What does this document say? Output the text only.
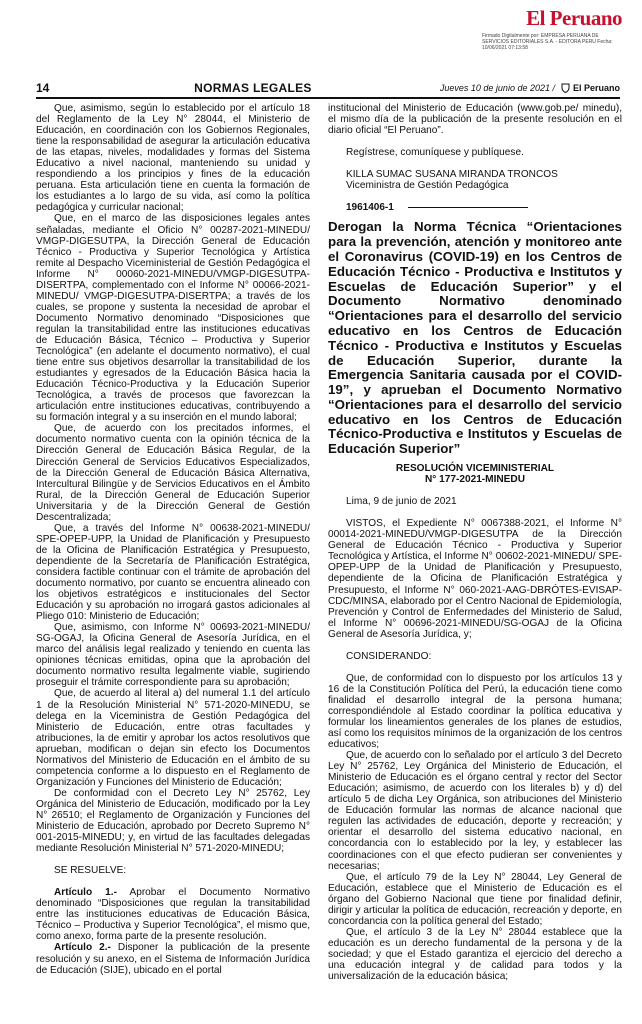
El Peruano
Firmado Digitalmente por: EMPRESA PERUANA DE SERVICIOS EDITORIALES S.A. - EDITORA PERU Fecha: 10/06/2021 07:13:58
14	NORMAS LEGALES	Jueves 10 de junio de 2021 / El Peruano

Que, asimismo, según lo establecido por el artículo 18 del Reglamento de la Ley N° 28044, el Ministerio de Educación, en coordinación con los Gobiernos Regionales, tiene la responsabilidad de asegurar la articulación educativa de las etapas, niveles, modalidades y formas del Sistema Educativo a nivel nacional, manteniendo su unidad y respondiendo a los principios y fines de la educación peruana. Esta articulación tiene en cuenta la formación de los estudiantes a lo largo de su vida, así como la política pedagógica y curricular nacional;

Que, en el marco de las disposiciones legales antes señaladas, mediante el Oficio N° 00287-2021-MINEDU/ VMGP-DIGESUTPA, la Dirección General de Educación Técnico - Productiva y Superior Tecnológica y Artística remite al Despacho Viceministerial de Gestión Pedagógica el Informe N° 00060-2021-MINEDU/VMGP-DIGESUTPA-DISERTPA, complementado con el Informe N° 00066-2021-MINEDU/ VMGP-DIGESUTPA-DISERTPA; a través de los cuales, se propone y sustenta la necesidad de aprobar el Documento Normativo denominado “Disposiciones que regulan la transitabilidad entre las instituciones educativas de Educación Básica, Técnico – Productiva y Superior Tecnológica” (en adelante el documento normativo), el cual tiene entre sus objetivos desarrollar la transitabilidad de los estudiantes y egresados de la Educación Básica hacia la Educación Técnico-Productiva y la Educación Superior Tecnológica, a través de procesos que favorezcan la articulación entre instituciones educativas, contribuyendo a su formación integral y a su inserción en el mundo laboral;

Que, de acuerdo con los precitados informes, el documento normativo cuenta con la opinión técnica de la Dirección General de Educación Básica Regular, de la Dirección General de Servicios Educativos Especializados, de la Dirección General de Educación Básica Alternativa, Intercultural Bilingüe y de Servicios Educativos en el Ámbito Rural, de la Dirección General de Educación Superior Universitaria y de la Dirección General de Gestión Descentralizada;

Que, a través del Informe N° 00638-2021-MINEDU/ SPE-OPEP-UPP, la Unidad de Planificación y Presupuesto de la Oficina de Planificación Estratégica y Presupuesto, dependiente de la Secretaría de Planificación Estratégica, considera factible continuar con el trámite de aprobación del documento normativo, por cuanto se encuentra alineado con los objetivos estratégicos e institucionales del Sector Educación y su aprobación no irrogará gastos adicionales al Pliego 010: Ministerio de Educación;

Que, asimismo, con Informe N° 00693-2021-MINEDU/ SG-OGAJ, la Oficina General de Asesoría Jurídica, en el marco del análisis legal realizado y teniendo en cuenta las opiniones técnicas emitidas, opina que la aprobación del documento normativo resulta legalmente viable, sugiriendo proseguir el trámite correspondiente para su aprobación;

Que, de acuerdo al literal a) del numeral 1.1 del artículo 1 de la Resolución Ministerial N° 571-2020-MINEDU, se delega en la Viceministra de Gestión Pedagógica del Ministerio de Educación, entre otras facultades y atribuciones, la de emitir y aprobar los actos resolutivos que aprueban, modifican o dejan sin efecto los Documentos Normativos del Ministerio de Educación en el ámbito de su competencia conforme a lo dispuesto en el Reglamento de Organización y Funciones del Ministerio de Educación;

De conformidad con el Decreto Ley N° 25762, Ley Orgánica del Ministerio de Educación, modificado por la Ley N° 26510; el Reglamento de Organización y Funciones del Ministerio de Educación, aprobado por Decreto Supremo N° 001-2015-MINEDU; y, en virtud de las facultades delegadas mediante Resolución Ministerial N° 571-2020-MINEDU;

SE RESUELVE:

Artículo 1.- Aprobar el Documento Normativo denominado “Disposiciones que regulan la transitabilidad entre las instituciones educativas de Educación Básica, Técnico – Productiva y Superior Tecnológica”, el mismo que, como anexo, forma parte de la presente resolución.

Artículo 2.- Disponer la publicación de la presente resolución y su anexo, en el Sistema de Información Jurídica de Educación (SIJE), ubicado en el portal

institucional del Ministerio de Educación (www.gob.pe/ minedu), el mismo día de la publicación de la presente resolución en el diario oficial “El Peruano”.

Regístrese, comuníquese y publíquese.

KILLA SUMAC SUSANA MIRANDA TRONCOS

Viceministra de Gestión Pedagógica

1961406-1

Derogan la Norma Técnica “Orientaciones para la prevención, atención y monitoreo ante el Coronavirus (COVID-19) en los Centros de Educación Técnico - Productiva e Institutos y Escuelas de Educación Superior” y el Documento Normativo denominado “Orientaciones para el desarrollo del servicio educativo en los Centros de Educación Técnico - Productiva e Institutos y Escuelas de Educación Superior, durante la Emergencia Sanitaria causada por el COVID-19”, y aprueban el Documento Normativo “Orientaciones para el desarrollo del servicio educativo en los Centros de Educación Técnico-Productiva e Institutos y Escuelas de Educación Superior”

RESOLUCIÓN VICEMINISTERIAL

N° 177-2021-MINEDU

Lima, 9 de junio de 2021

VISTOS, el Expediente N° 0067388-2021, el Informe N° 00014-2021-MINEDU/VMGP-DIGESUTPA de la Dirección General de Educación Técnico - Productiva y Superior Tecnológica y Artística, el Informe N° 00602-2021-MINEDU/ SPE-OPEP-UPP de la Unidad de Planificación y Presupuesto, dependiente de la Oficina de Planificación Estratégica y Presupuesto, el Informe N° 060-2021-AAG-DBRÓTES-EVISAP-CDC/MINSA, elaborado por el Centro Nacional de Epidemiología, Prevención y Control de Enfermedades del Ministerio de Salud, el Informe N° 00696-2021-MINEDU/SG-OGAJ de la Oficina General de Asesoría Jurídica, y;

CONSIDERANDO:

Que, de conformidad con lo dispuesto por los artículos 13 y 16 de la Constitución Política del Perú, la educación tiene como finalidad el desarrollo integral de la persona humana; correspondiéndole al Estado coordinar la política educativa y formular los lineamientos generales de los planes de estudios, así como los requisitos mínimos de la organización de los centros educativos;

Que, de acuerdo con lo señalado por el artículo 3 del Decreto Ley N° 25762, Ley Orgánica del Ministerio de Educación, el Ministerio de Educación es el órgano central y rector del Sector Educación; asimismo, de acuerdo con los literales b) y d) del artículo 5 de dicha Ley Orgánica, son atribuciones del Ministerio de Educación formular las normas de alcance nacional que regulen las actividades de educación, deporte y recreación; y orientar el desarrollo del sistema educativo nacional, en concordancia con lo establecido por la ley, y establecer las coordinaciones con el que efecto pudieran ser convenientes y necesarias;

Que, el artículo 79 de la Ley N° 28044, Ley General de Educación, establece que el Ministerio de Educación es el órgano del Gobierno Nacional que tiene por finalidad definir, dirigir y articular la política de educación, recreación y deporte, en concordancia con la política general del Estado;

Que, el artículo 3 de la Ley N° 28044 establece que la educación es un derecho fundamental de la persona y de la sociedad; y que el Estado garantiza el ejercicio del derecho a una educación integral y de calidad para todos y la universalización de la educación básica;
